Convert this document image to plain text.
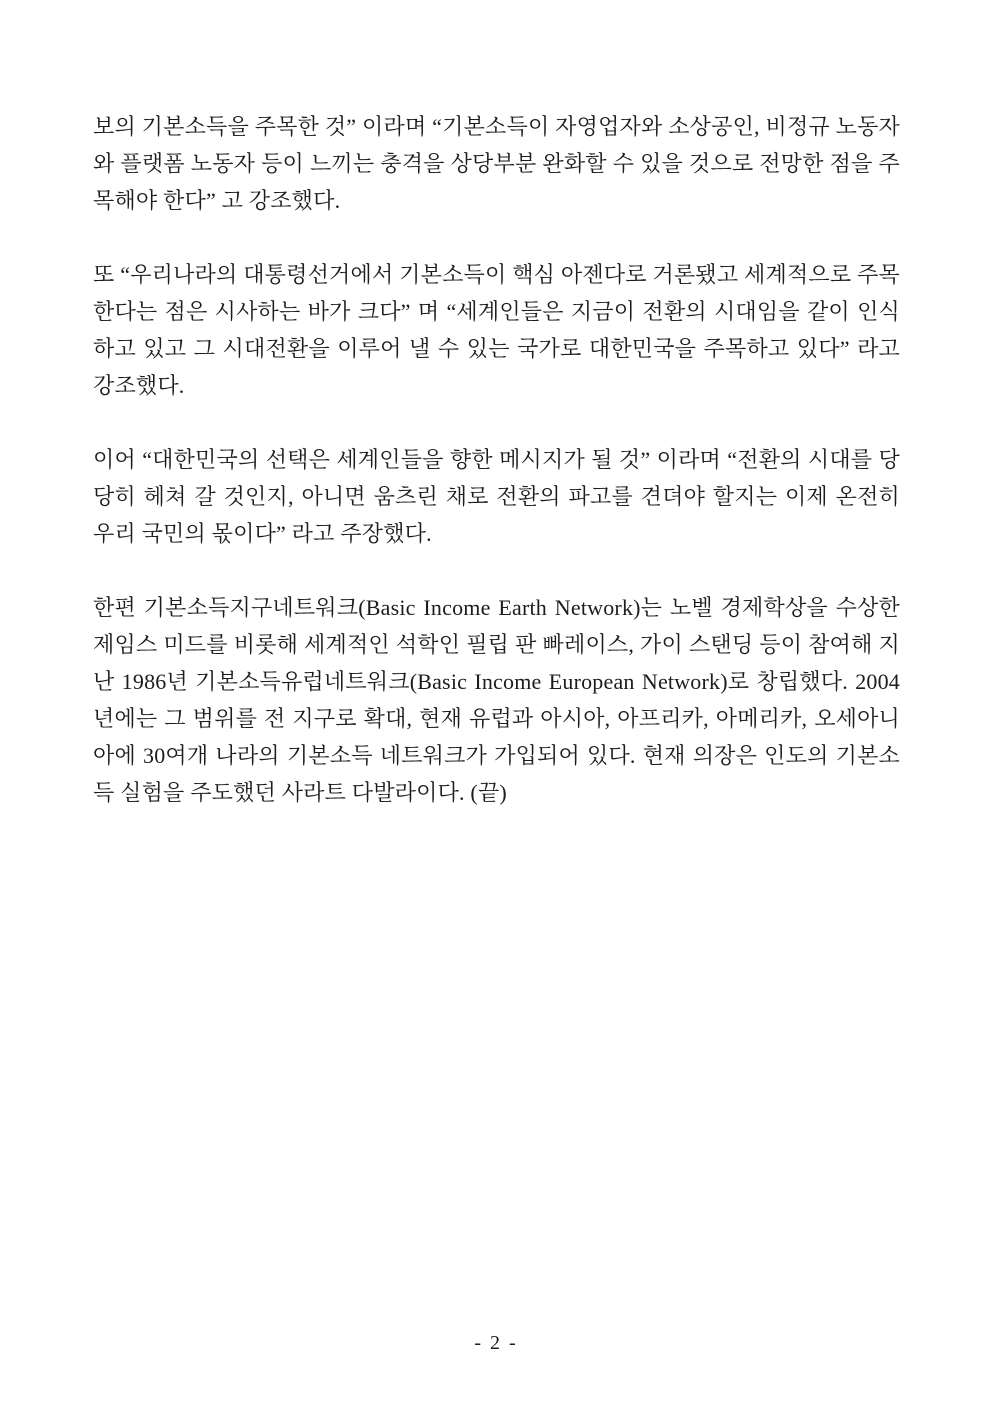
보의 기본소득을 주목한 것” 이라며 “기본소득이 자영업자와 소상공인, 비정규 노동자와 플랫폼 노동자 등이 느끼는 충격을 상당부분 완화할 수 있을 것으로 전망한 점을 주목해야 한다” 고 강조했다.

또 “우리나라의 대통령선거에서 기본소득이 핵심 아젠다로 거론됐고 세계적으로 주목한다는 점은 시사하는 바가 크다” 며 “세계인들은 지금이 전환의 시대임을 같이 인식하고 있고 그 시대전환을 이루어 낼 수 있는 국가로 대한민국을 주목하고 있다” 라고 강조했다.

이어 “대한민국의 선택은 세계인들을 향한 메시지가 될 것” 이라며 “전환의 시대를 당당히 헤쳐 갈 것인지, 아니면 움츠린 채로 전환의 파고를 견뎌야 할지는 이제 온전히 우리 국민의 몫이다” 라고 주장했다.

한편 기본소득지구네트워크(Basic Income Earth Network)는 노벨 경제학상을 수상한 제임스 미드를 비롯해 세계적인 석학인 필립 판 빠레이스, 가이 스탠딩 등이 참여해 지난 1986년 기본소득유럽네트워크(Basic Income European Network)로 창립했다. 2004년에는 그 범위를 전 지구로 확대, 현재 유럽과 아시아, 아프리카, 아메리카, 오세아니아에 30여개 나라의 기본소득 네트워크가 가입되어 있다. 현재 의장은 인도의 기본소득 실험을 주도했던 사라트 다발라이다. (끝)

- 2 -
